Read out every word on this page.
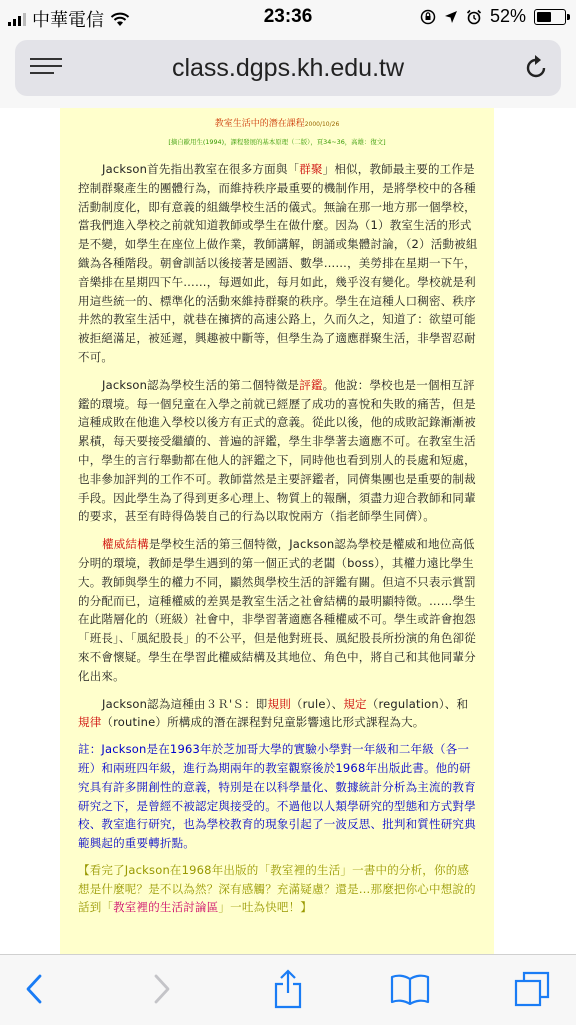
中華電信	23:36	52%
class.dgps.kh.edu.tw
教室生活中的潛在課程2000/10/26
[摘自歐用生(1994)，課程發展的基本原理（二版），頁34~36，高雄：復文]

Jackson首先指出教室在很多方面與「群聚」相似，教師最主要的工作是控制群聚產生的團體行為，而維持秩序最重要的機制作用，是將學校中的各種活動制度化，即有意義的組織學校生活的儀式。無論在那一地方那一個學校，當我們進入學校之前就知道教師或學生在做什麼。因為（1）教室生活的形式是不變，如學生在座位上做作業，教師講解，朗誦或集體討論，（2）活動被組織為各種階段。朝會訓話以後接著是國語、數學……，美勞排在星期一下午，音樂排在星期四下午……，每週如此，每月如此，幾乎沒有變化。學校就是利用這些統一的、標準化的活動來維持群聚的秩序。學生在這種人口稠密、秩序井然的教室生活中，就巷在擁擠的高速公路上，久而久之，知道了：欲望可能被拒絕滿足，被延遲，興趣被中斷等，但學生為了適應群聚生活，非學習忍耐不可。

Jackson認為學校生活的第二個特徵是評鑑。他說：學校也是一個相互評鑑的環境。每一個兒童在入學之前就已經歷了成功的喜悅和失敗的痛苦，但是這種成敗在他進入學校以後方有正式的意義。從此以後，他的成敗記錄漸漸被累積，每天要接受繼續的、普遍的評鑑，學生非學著去適應不可。在教室生活中，學生的言行舉動都在他人的評鑑之下，同時他也看到別人的長處和短處，也非參加評判的工作不可。教師當然是主要評鑑者，同儕集團也是重要的制裁手段。因此學生為了得到更多心理上、物質上的報酬，須盡力迎合教師和同輩的要求，甚至有時得偽裝自己的行為以取悅兩方（指老師學生同儕）。

權威結構是學校生活的第三個特徵，Jackson認為學校是權威和地位高低分明的環境，教師是學生遇到的第一個正式的老闆（boss），其權力遠比學生大。教師與學生的權力不同，顯然與學校生活的評鑑有關。但這不只表示賞罰的分配而已，這種權威的差異是教室生活之社會結構的最明顯特徵。……學生在此階層化的（班級）社會中，非學習著適應各種權威不可。學生或許會抱怨「班長」、「風紀股長」的不公平，但是他對班長、風紀股長所扮演的角色卻從來不會懷疑。學生在學習此權威結構及其地位、角色中，將自己和其他同輩分化出來。

Jackson認為這種由３Ｒ'Ｓ：即規則（rule）、規定（regulation）、和規律（routine）所構成的潛在課程對兒童影響遠比形式課程為大。

註：Jackson是在1963年於芝加哥大學的實驗小學對一年級和二年級（各一班）和兩班四年級，進行為期兩年的教室觀察後於1968年出版此書。他的研究具有許多開創性的意義，特別是在以科學量化、數據統計分析為主流的教育研究之下，是曾經不被認定與接受的。不過他以人類學研究的型態和方式對學校、教室進行研究，也為學校教育的現象引起了一波反思、批判和質性研究典範興起的重要轉折點。

【看完了Jackson在1968年出版的「教室裡的生活」一書中的分析，你的感想是什麼呢？是不以為然？深有感觸？充滿疑慮？還是…那麼把你心中想說的話到「教室裡的生活討論區」一吐為快吧！】
